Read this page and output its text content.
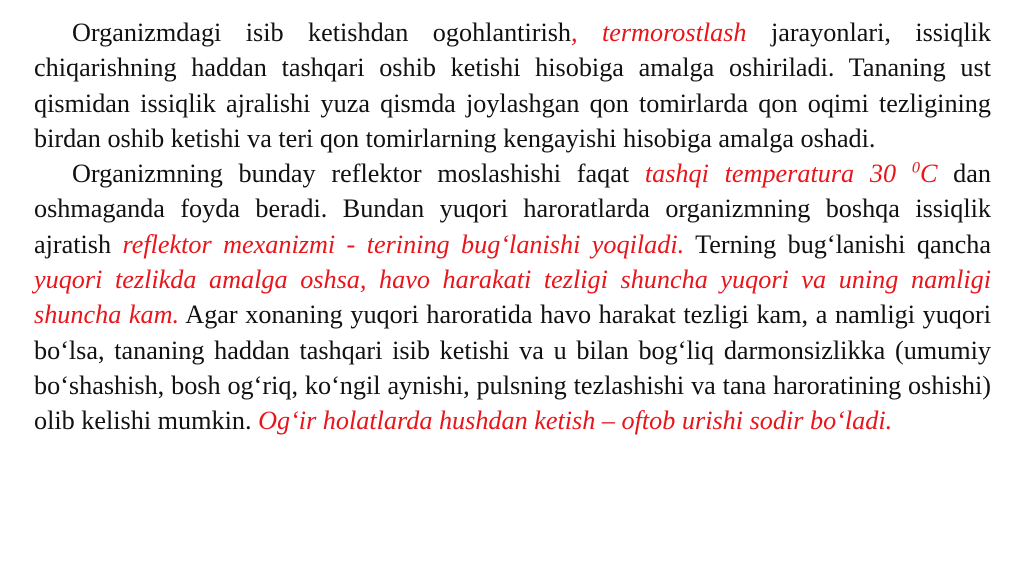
Organizmdagi isib ketishdan ogohlantirish, termorostlash jarayonlari, issiqlik chiqarishning haddan tashqari oshib ketishi hisobiga amalga oshiriladi. Tananing ust qismidan issiqlik ajralishi yuza qismda joylashgan qon tomirlarda qon oqimi tezligining birdan oshib ketishi va teri qon tomirlarning kengayishi hisobiga amalga oshadi.

Organizmning bunday reflektor moslashishi faqat tashqi temperatura 30 $^0$C dan oshmaganda foyda beradi. Bundan yuqori haroratlarda organizmning boshqa issiqlik ajratish reflektor mexanizmi - terining bug‘lanishi yoqiladi. Terning bug‘lanishi qancha yuqori tezlikda amalga oshsa, havo harakati tezligi shuncha yuqori va uning namligi shuncha kam. Agar xonaning yuqori haroratida havo harakat tezligi kam, a namligi yuqori bo‘lsa, tananing haddan tashqari isib ketishi va u bilan bog‘liq darmonsizlikka (umumiy bo‘shashish, bosh og‘riq, ko‘ngil aynishi, pulsning tezlashishi va tana haroratining oshishi) olib kelishi mumkin. Og‘ir holatlarda hushdan ketish – oftob urishi sodir bo‘ladi.
